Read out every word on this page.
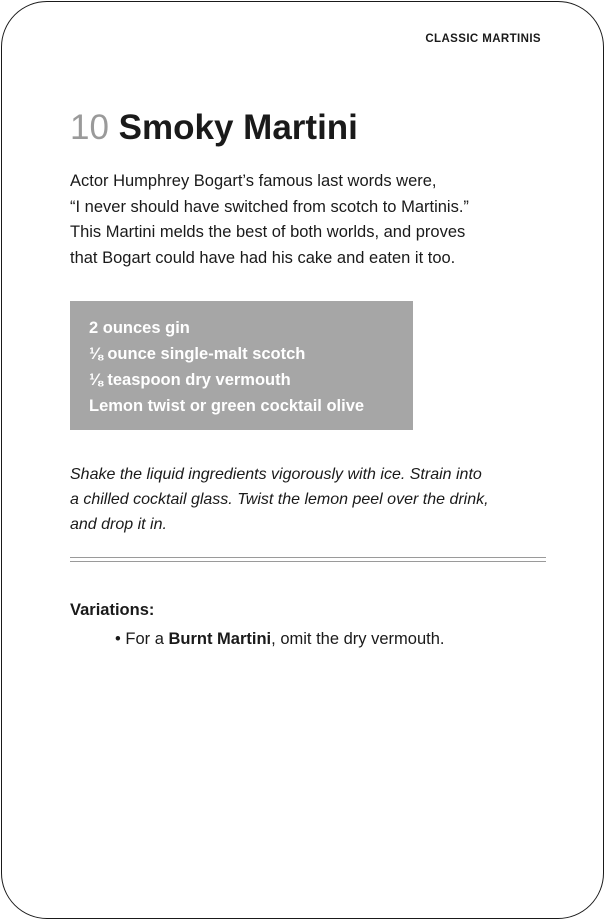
CLASSIC MARTINIS
10 Smoky Martini

Actor Humphrey Bogart’s famous last words were,
“I never should have switched from scotch to Martinis.”
This Martini melds the best of both worlds, and proves
that Bogart could have had his cake and eaten it too.

2 ounces gin
⅛ ounce single-malt scotch
⅛ teaspoon dry vermouth
Lemon twist or green cocktail olive

Shake the liquid ingredients vigorously with ice. Strain into
a chilled cocktail glass. Twist the lemon peel over the drink,
and drop it in.

Variations:

• For a Burnt Martini, omit the dry vermouth.
